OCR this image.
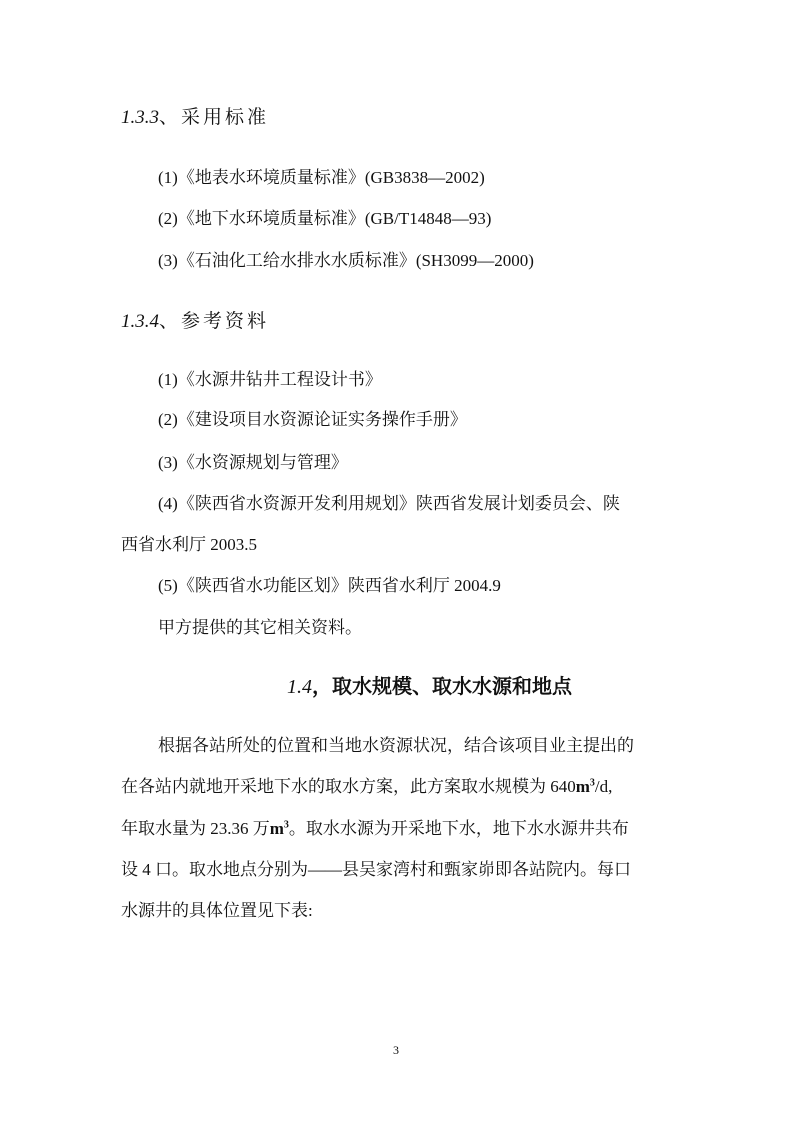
1.3.3、采用标准
(1)《地表水环境质量标准》(GB3838—2002)
(2)《地下水环境质量标准》(GB/T14848—93)
(3)《石油化工给水排水水质标准》(SH3099—2000)
1.3.4、参考资料
(1)《水源井钻井工程设计书》
(2)《建设项目水资源论证实务操作手册》
(3)《水资源规划与管理》
(4)《陕西省水资源开发利用规划》陕西省发展计划委员会、陕
西省水利厅 2003.5
(5)《陕西省水功能区划》陕西省水利厅 2004.9
甲方提供的其它相关资料。
1.4，取水规模、取水水源和地点
根据各站所处的位置和当地水资源状况，结合该项目业主提出的
在各站内就地开采地下水的取水方案，此方案取水规模为 $640m^3/d$,
年取水量为 23.36 万$m^3$。取水水源为开采地下水，地下水水源井共布
设 4 口。取水地点分别为——县吴家湾村和甄家峁即各站院内。每口
水源井的具体位置见下表:
3
